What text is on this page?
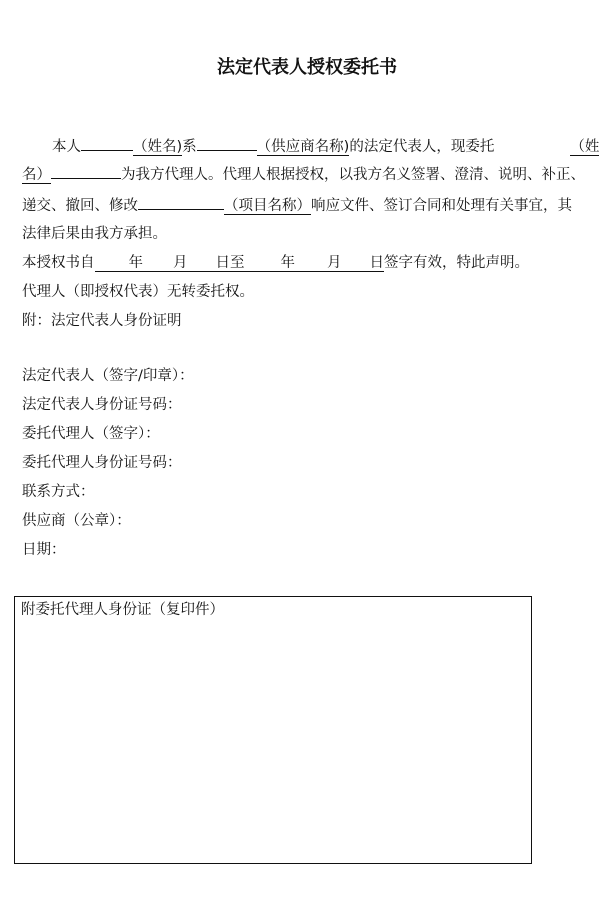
法定代表人授权委托书
本人	（姓名)系	（供应商名称)的法定代表人，现委托	（姓
名）	为我方代理人。代理人根据授权，以我方名义签署、澄清、说明、补正、
递交、撤回、修改	（项目名称）响应文件、签订合同和处理有关事宜，其
法律后果由我方承担。
本授权书自 年 月 日至 年 月 日签字有效，特此声明。
代理人（即授权代表）无转委托权。
附：法定代表人身份证明
法定代表人（签字/印章）：
法定代表人身份证号码：
委托代理人（签字）：
委托代理人身份证号码：
联系方式：
供应商（公章）：
日期：
附委托代理人身份证（复印件）
